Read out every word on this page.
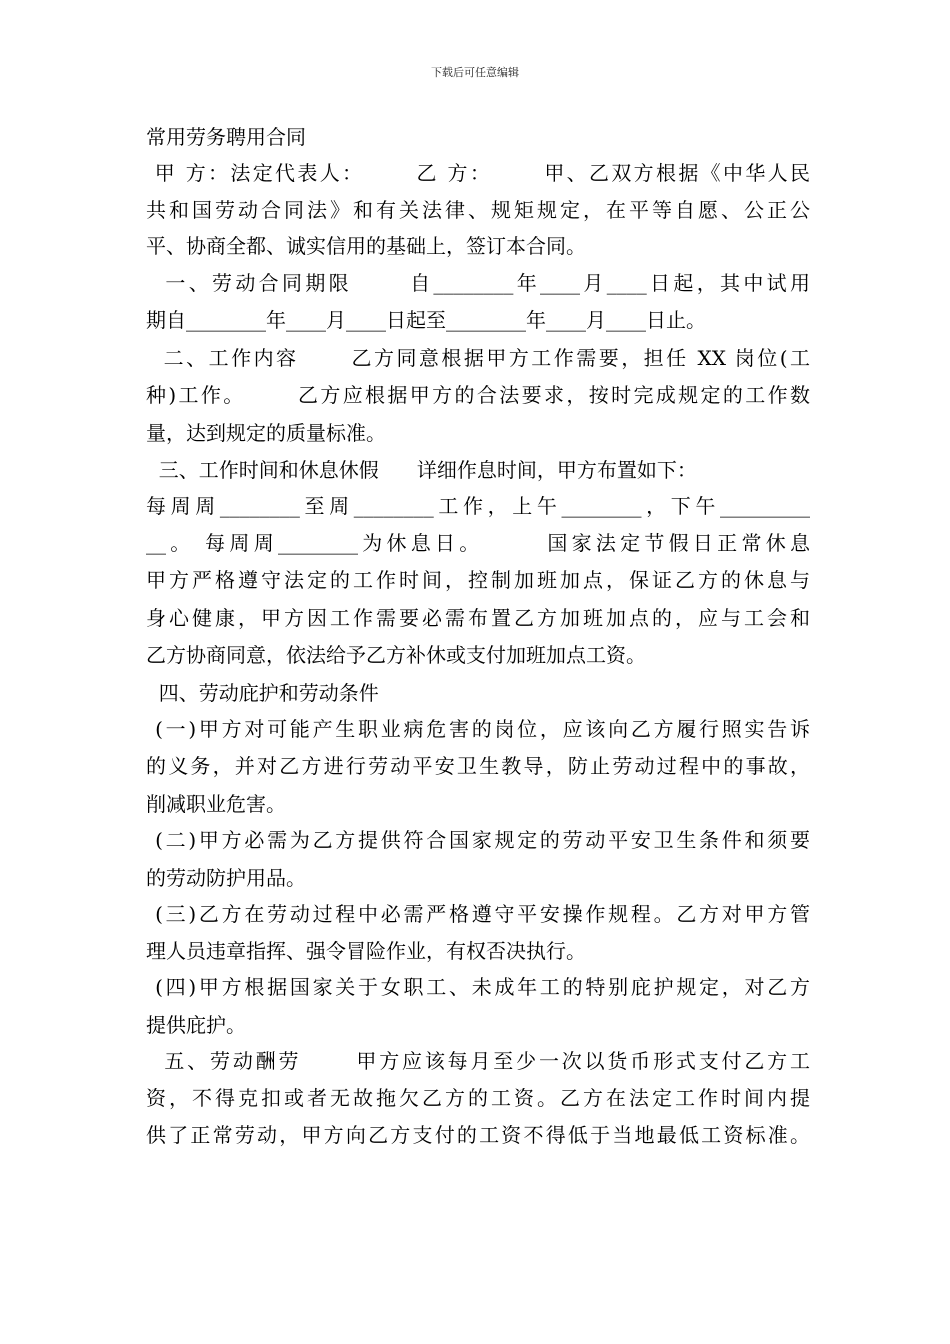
下载后可任意编辑
常用劳务聘用合同
甲 方：法定代表人：      乙 方：      甲、乙双方根据《中华人民
共和国劳动合同法》和有关法律、规矩规定，在平等自愿、公正公
平、协商全都、诚实信用的基础上，签订本合同。
一、劳动合同期限      自________年____月____日起，其中试用
期自________年____月____日起至________年____月____日止。
二、工作内容      乙方同意根据甲方工作需要，担任 XX 岗位(工
种)工作。      乙方应根据甲方的合法要求，按时完成规定的工作数
量，达到规定的质量标准。
三、工作时间和休息休假      详细作息时间，甲方布置如下：
每周周________至周________工作，上午________，下午_________
__。 每周周________为休息日。      国家法定节假日正常休息
甲方严格遵守法定的工作时间，控制加班加点，保证乙方的休息与
身心健康，甲方因工作需要必需布置乙方加班加点的，应与工会和
乙方协商同意，依法给予乙方补休或支付加班加点工资。
四、劳动庇护和劳动条件
(一)甲方对可能产生职业病危害的岗位，应该向乙方履行照实告诉
的义务，并对乙方进行劳动平安卫生教导，防止劳动过程中的事故，
削减职业危害。
(二)甲方必需为乙方提供符合国家规定的劳动平安卫生条件和须要
的劳动防护用品。
(三)乙方在劳动过程中必需严格遵守平安操作规程。乙方对甲方管
理人员违章指挥、强令冒险作业，有权否决执行。
(四)甲方根据国家关于女职工、未成年工的特别庇护规定，对乙方
提供庇护。
五、劳动酬劳      甲方应该每月至少一次以货币形式支付乙方工
资，不得克扣或者无故拖欠乙方的工资。乙方在法定工作时间内提
供了正常劳动，甲方向乙方支付的工资不得低于当地最低工资标准。
